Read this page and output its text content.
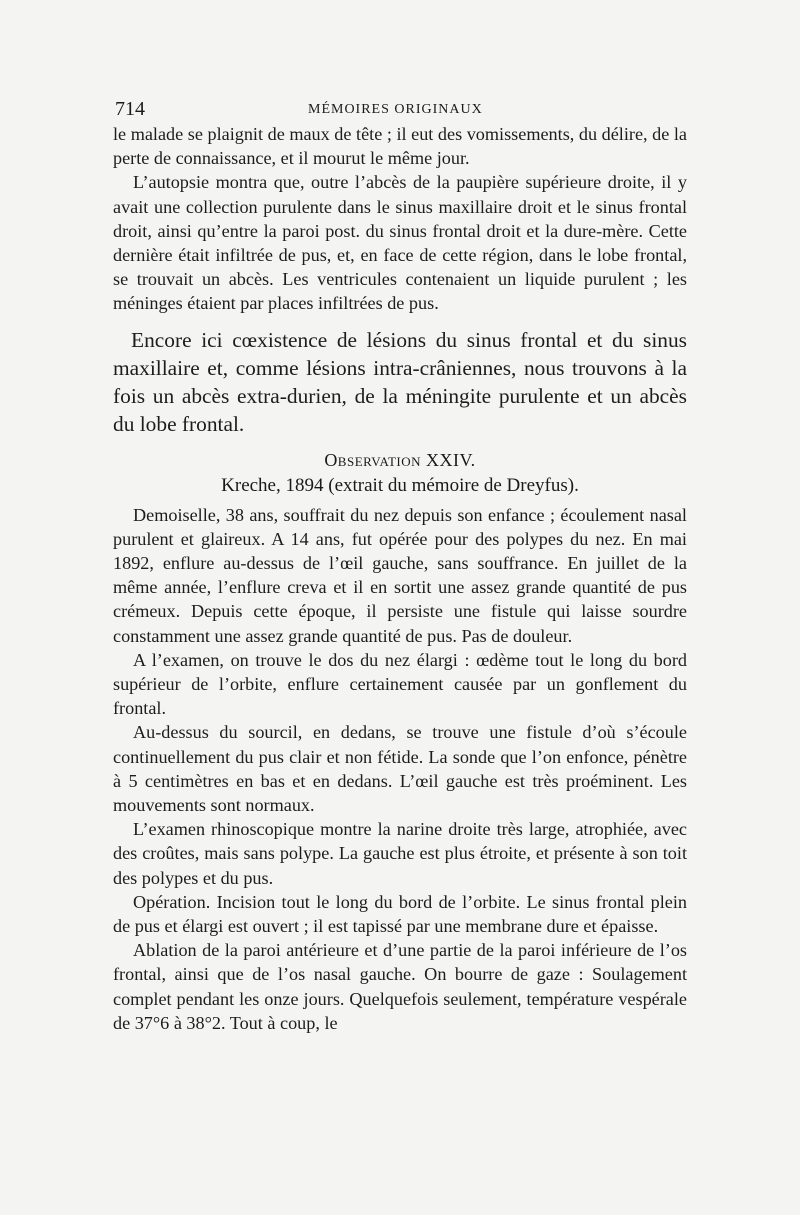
714	MÉMOIRES ORIGINAUX

le malade se plaignit de maux de tête ; il eut des vomissements, du délire, de la perte de connaissance, et il mourut le même jour.

L’autopsie montra que, outre l’abcès de la paupière supérieure droite, il y avait une collection purulente dans le sinus maxillaire droit et le sinus frontal droit, ainsi qu’entre la paroi post. du sinus frontal droit et la dure-mère. Cette dernière était infiltrée de pus, et, en face de cette région, dans le lobe frontal, se trouvait un abcès. Les ventricules contenaient un liquide purulent ; les méninges étaient par places infiltrées de pus.

Encore ici cœxistence de lésions du sinus frontal et du sinus maxillaire et, comme lésions intra-crâniennes, nous trouvons à la fois un abcès extra-durien, de la méningite purulente et un abcès du lobe frontal.

Observation XXIV.
Kreche, 1894 (extrait du mémoire de Dreyfus).

Demoiselle, 38 ans, souffrait du nez depuis son enfance ; écoulement nasal purulent et glaireux. A 14 ans, fut opérée pour des polypes du nez. En mai 1892, enflure au-dessus de l’œil gauche, sans souffrance. En juillet de la même année, l’enflure creva et il en sortit une assez grande quantité de pus crémeux. Depuis cette époque, il persiste une fistule qui laisse sourdre constamment une assez grande quantité de pus. Pas de douleur.

A l’examen, on trouve le dos du nez élargi : œdème tout le long du bord supérieur de l’orbite, enflure certainement causée par un gonflement du frontal.

Au-dessus du sourcil, en dedans, se trouve une fistule d’où s’écoule continuellement du pus clair et non fétide. La sonde que l’on enfonce, pénètre à 5 centimètres en bas et en dedans. L’œil gauche est très proéminent. Les mouvements sont normaux.

L’examen rhinoscopique montre la narine droite très large, atrophiée, avec des croûtes, mais sans polype. La gauche est plus étroite, et présente à son toit des polypes et du pus.

Opération. Incision tout le long du bord de l’orbite. Le sinus frontal plein de pus et élargi est ouvert ; il est tapissé par une membrane dure et épaisse.

Ablation de la paroi antérieure et d’une partie de la paroi inférieure de l’os frontal, ainsi que de l’os nasal gauche. On bourre de gaze : Soulagement complet pendant les onze jours. Quelquefois seulement, température vespérale de 37°6 à 38°2. Tout à coup, le
